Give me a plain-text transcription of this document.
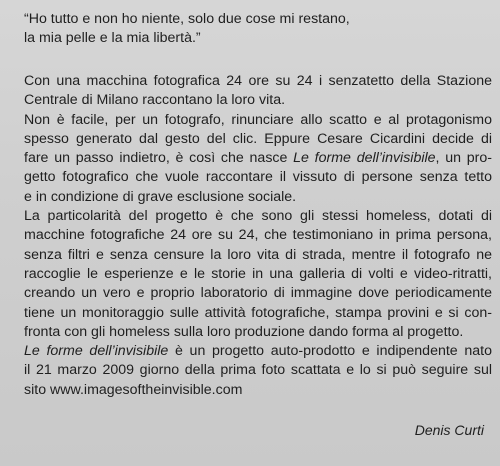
“Ho tutto e non ho niente, solo due cose mi restano,
la mia pelle e la mia libertà.”
Con una macchina fotografica 24 ore su 24 i senzatetto della Stazione
Centrale di Milano raccontano la loro vita.
Non è facile, per un fotografo, rinunciare allo scatto e al protagonismo
spesso generato dal gesto del clic. Eppure Cesare Cicardini decide di
fare un passo indietro, è così che nasce Le forme dell’invisibile, un pro-
getto fotografico che vuole raccontare il vissuto di persone senza tetto
e in condizione di grave esclusione sociale.
La particolarità del progetto è che sono gli stessi homeless, dotati di
macchine fotografiche 24 ore su 24, che testimoniano in prima persona,
senza filtri e senza censure la loro vita di strada, mentre il fotografo ne
raccoglie le esperienze e le storie in una galleria di volti e video-ritratti,
creando un vero e proprio laboratorio di immagine dove periodicamente
tiene un monitoraggio sulle attività fotografiche, stampa provini e si con-
fronta con gli homeless sulla loro produzione dando forma al progetto.
Le forme dell’invisibile è un progetto auto-prodotto e indipendente nato
il 21 marzo 2009 giorno della prima foto scattata e lo si può seguire sul
sito www.imagesoftheinvisible.com
Denis Curti
